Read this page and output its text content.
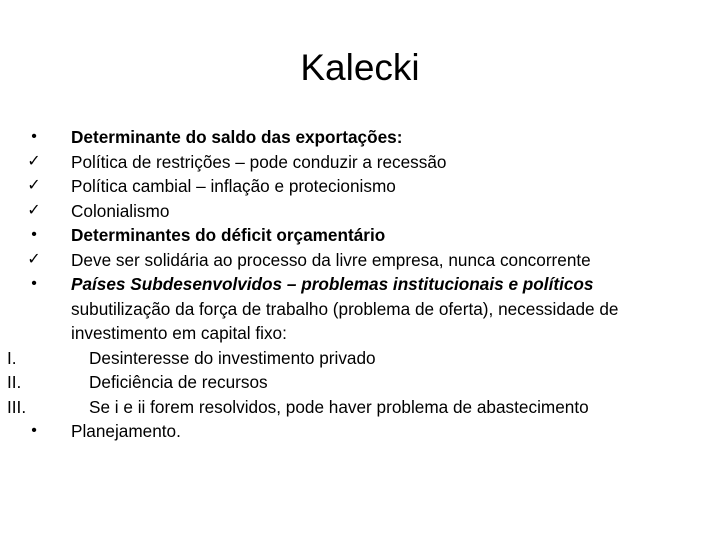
Kalecki
•	Determinante do saldo das exportações:
✓ Política de restrições – pode conduzir a recessão
✓ Política cambial – inflação e protecionismo
✓ Colonialismo
•	Determinantes do déficit orçamentário
✓ Deve ser solidária ao processo da livre empresa, nunca concorrente
•	Países Subdesenvolvidos – problemas institucionais e políticos subutilização da força de trabalho (problema de oferta), necessidade de investimento em capital fixo:
I.	Desinteresse do investimento privado
II.	Deficiência de recursos
III.	Se i e ii forem resolvidos, pode haver problema de abastecimento
•	Planejamento.
